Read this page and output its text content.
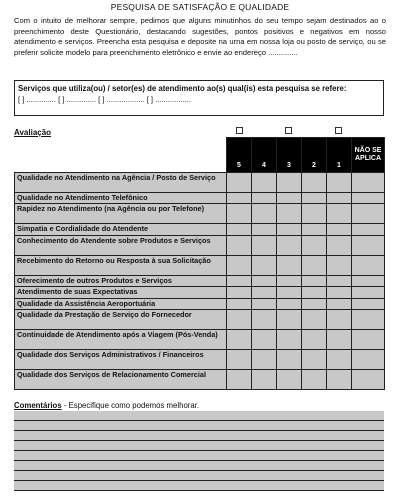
PESQUISA DE SATISFAÇÃO E QUALIDADE
Com o intuito de melhorar sempre, pedimos que alguns minutinhos do seu tempo sejam destinados ao o preenchimento deste Questionário, destacando sugestões, pontos positivos e negativos em nosso atendimento e serviços. Preencha esta pesquisa e deposite na urna em nossa loja ou posto de serviço, ou se preferir solicite modelo para preenchimento eletrônico e envie ao endereço ..............
Serviços que utiliza(ou) / setor(es) de atendimento ao(s) qual(is) esta pesquisa se refere:
[ ] .............. [ ] .............. [ ] .................. [ ] .................
Avaliação
	5	4	3	2	1	NÃO SE APLICA
Qualidade no Atendimento na Agência / Posto de Serviço						
Qualidade no Atendimento Telefônico						
Rapidez no Atendimento (na Agência ou por Telefone)						
Simpatia e Cordialidade do Atendente						
Conhecimento do Atendente sobre Produtos e Serviços						
Recebimento do Retorno ou Resposta à sua Solicitação						
Oferecimento de outros Produtos e Serviços						
Atendimento de suas Expectativas						
Qualidade da Assistência Aeroportuária						
Qualidade da Prestação de Serviço do Fornecedor						
Continuidade de Atendimento após a Viagem (Pós-Venda)						
Qualidade dos Serviços Administrativos / Financeiros						
Qualidade dos Serviços de Relacionamento Comercial						
Comentários - Especifique como podemos melhorar.
